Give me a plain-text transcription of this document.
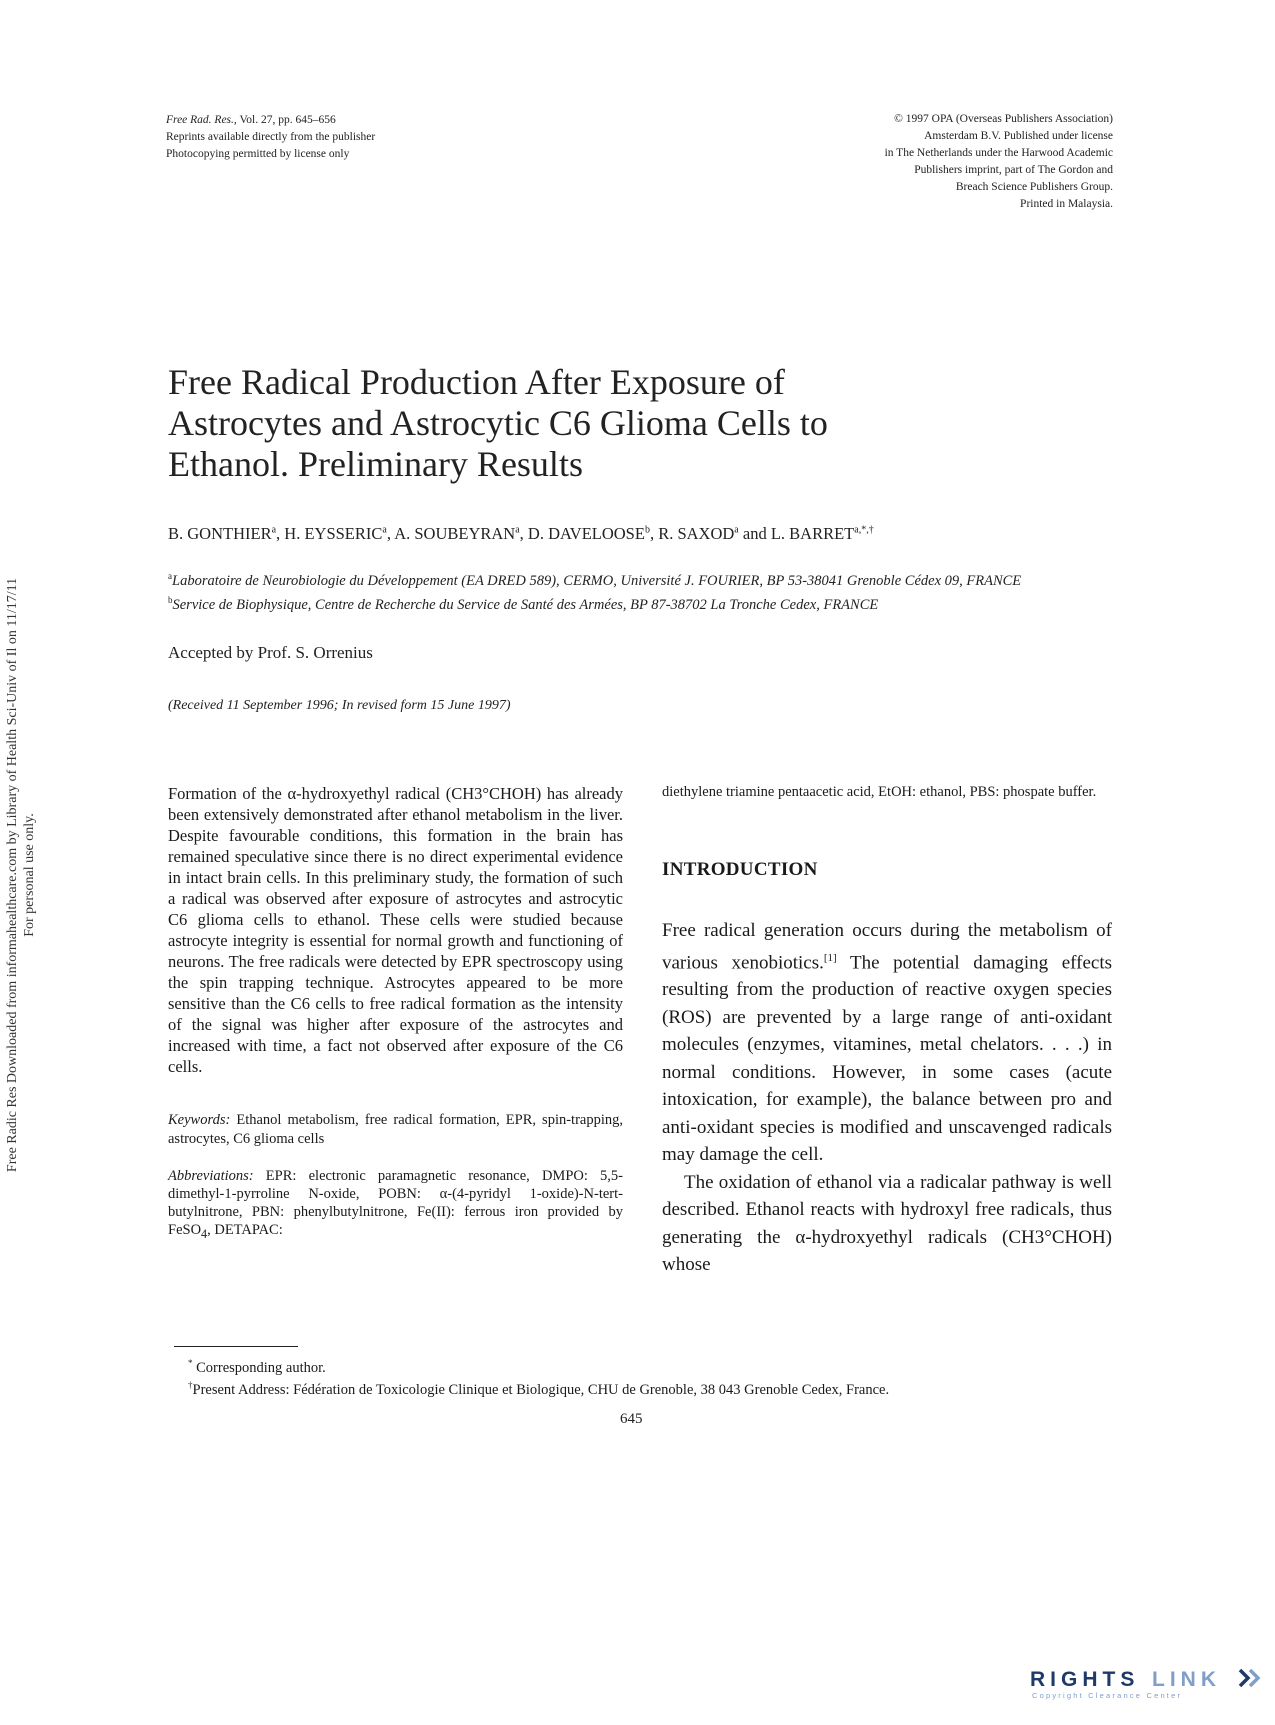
Free Rad. Res., Vol. 27, pp. 645–656
Reprints available directly from the publisher
Photocopying permitted by license only
© 1997 OPA (Overseas Publishers Association)
Amsterdam B.V. Published under license
in The Netherlands under the Harwood Academic
Publishers imprint, part of The Gordon and
Breach Science Publishers Group.
Printed in Malaysia.
Free Radical Production After Exposure of
Astrocytes and Astrocytic C6 Glioma Cells to
Ethanol. Preliminary Results
B. GONTHIER$^a$, H. EYSSERIC$^a$, A. SOUBEYRAN$^a$, D. DAVELOOSE$^b$, R. SAXOD$^a$ and L. $BARRET^{a,*,\dagger}$
$^a$Laboratoire de Neurobiologie du Développement (EA DRED 589), CERMO, Université J. FOURIER, BP 53-38041 Grenoble Cédex 09, FRANCE
$^b$Service de Biophysique, Centre de Recherche du Service de Santé des Armées, BP 87-38702 La Tronche Cedex, FRANCE
Accepted by Prof. S. Orrenius
(Received 11 September 1996; In revised form 15 June 1997)

Formation of the α-hydroxyethyl radical (CH3°CHOH) has already been extensively demonstrated after ethanol metabolism in the liver. Despite favourable conditions, this formation in the brain has remained speculative since there is no direct experimental evidence in intact brain cells. In this preliminary study, the formation of such a radical was observed after exposure of astrocytes and astrocytic C6 glioma cells to ethanol. These cells were studied because astrocyte integrity is essential for normal growth and functioning of neurons. The free radicals were detected by EPR spectroscopy using the spin trapping technique. Astrocytes appeared to be more sensitive than the C6 cells to free radical formation as the intensity of the signal was higher after exposure of the astrocytes and increased with time, a fact not observed after exposure of the C6 cells.

Keywords: Ethanol metabolism, free radical formation, EPR, spin-trapping, astrocytes, C6 glioma cells

Abbreviations: EPR: electronic paramagnetic resonance, DMPO: 5,5-dimethyl-1-pyrroline N-oxide, POBN: α-(4-pyridyl 1-oxide)-N-tert-butylnitrone, PBN: phenylbutylnitrone, Fe(II): ferrous iron provided by FeSO$_4$, DETAPAC:

diethylene triamine pentaacetic acid, EtOH: ethanol, PBS: phospate buffer.

INTRODUCTION

Free radical generation occurs during the metabolism of various xenobiotics.[1] The potential damaging effects resulting from the production of reactive oxygen species (ROS) are prevented by a large range of anti-oxidant molecules (enzymes, vitamines, metal chelators. . . .) in normal conditions. However, in some cases (acute intoxication, for example), the balance between pro and anti-oxidant species is modified and unscavenged radicals may damage the cell.

The oxidation of ethanol via a radicalar pathway is well described. Ethanol reacts with hydroxyl free radicals, thus generating the α-hydroxyethyl radicals (CH3°CHOH) whose

* Corresponding author.
†Present Address: Fédération de Toxicologie Clinique et Biologique, CHU de Grenoble, 38 043 Grenoble Cedex, France.
645
Free Radic Res Downloaded from informahealthcare.com by Library of Health Sci-Univ of Il on 11/17/11 For personal use only.
RIGHTS LINK
Copyright Clearance Center
